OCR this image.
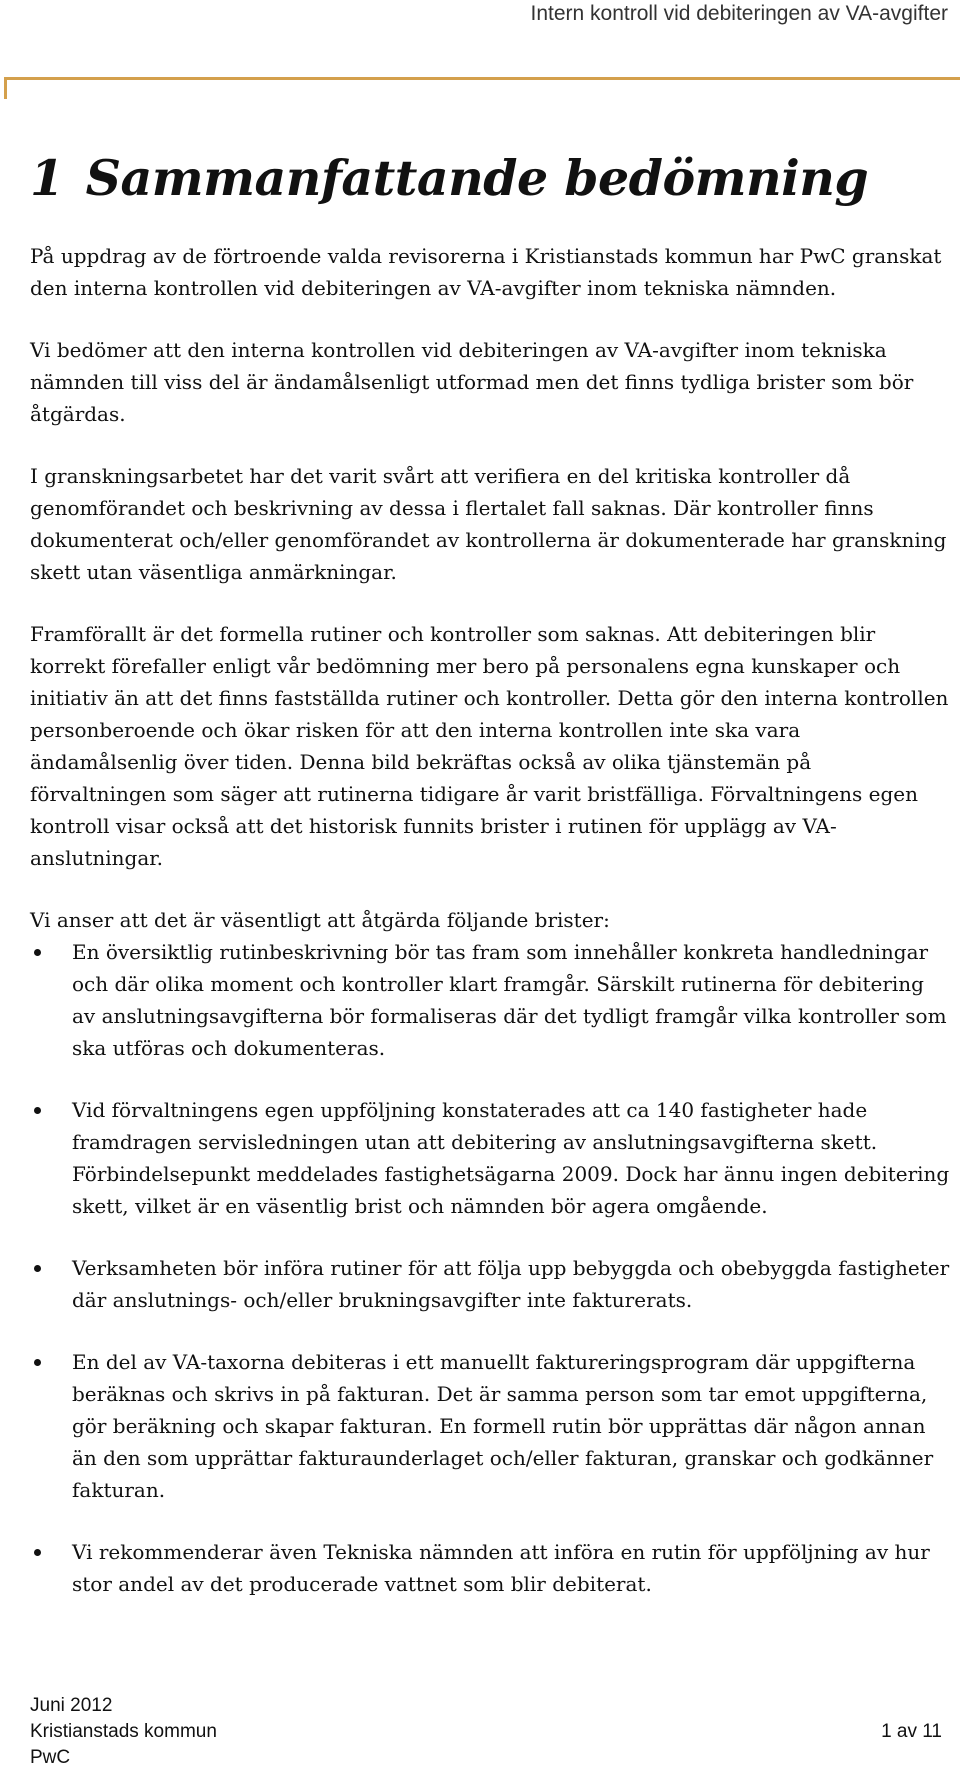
Intern kontroll vid debiteringen av VA-avgifter
1 Sammanfattande bedömning

På uppdrag av de förtroende valda revisorerna i Kristianstads kommun har PwC granskat den interna kontrollen vid debiteringen av VA-avgifter inom tekniska nämnden.

Vi bedömer att den interna kontrollen vid debiteringen av VA-avgifter inom tekniska nämnden till viss del är ändamålsenligt utformad men det finns tydliga brister som bör åtgärdas.

I granskningsarbetet har det varit svårt att verifiera en del kritiska kontroller då genomförandet och beskrivning av dessa i flertalet fall saknas. Där kontroller finns dokumenterat och/eller genomförandet av kontrollerna är dokumenterade har granskning skett utan väsentliga anmärkningar.

Framförallt är det formella rutiner och kontroller som saknas. Att debiteringen blir korrekt förefaller enligt vår bedömning mer bero på personalens egna kunskaper och initiativ än att det finns fastställda rutiner och kontroller. Detta gör den interna kontrollen personberoende och ökar risken för att den interna kontrollen inte ska vara ändamålsenlig över tiden. Denna bild bekräftas också av olika tjänstemän på förvaltningen som säger att rutinerna tidigare år varit bristfälliga. Förvaltningens egen kontroll visar också att det historisk funnits brister i rutinen för upplägg av VA-anslutningar.

Vi anser att det är väsentligt att åtgärda följande brister:

En översiktlig rutinbeskrivning bör tas fram som innehåller konkreta handledningar och där olika moment och kontroller klart framgår. Särskilt rutinerna för debitering av anslutningsavgifterna bör formaliseras där det tydligt framgår vilka kontroller som ska utföras och dokumenteras.
Vid förvaltningens egen uppföljning konstaterades att ca 140 fastigheter hade framdragen servisledningen utan att debitering av anslutningsavgifterna skett. Förbindelsepunkt meddelades fastighetsägarna 2009. Dock har ännu ingen debitering skett, vilket är en väsentlig brist och nämnden bör agera omgående.
Verksamheten bör införa rutiner för att följa upp bebyggda och obebyggda fastigheter där anslutnings- och/eller brukningsavgifter inte fakturerats.
En del av VA-taxorna debiteras i ett manuellt faktureringsprogram där uppgifterna beräknas och skrivs in på fakturan. Det är samma person som tar emot uppgifterna, gör beräkning och skapar fakturan. En formell rutin bör upprättas där någon annan än den som upprättar fakturaunderlaget och/eller fakturan, granskar och godkänner fakturan.
Vi rekommenderar även Tekniska nämnden att införa en rutin för uppföljning av hur stor andel av det producerade vattnet som blir debiterat.
Juni 2012
Kristianstads kommun
PwC
1 av 11
